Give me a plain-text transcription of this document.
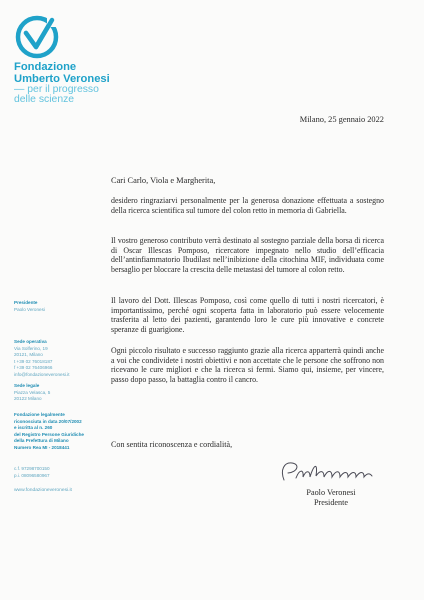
Fondazione
Umberto Veronesi
— per il progresso
delle scienze
Presidente
Paolo Veronesi
Sede operativa
Via Solferino, 19
20121, Milano
t +39 02 76018187
f +39 02 76406966
info@fondazioneveronesi.it
Sede legale
Piazza Velasca, 5
20122 Milano
Fondazione legalmente
riconosciuta in data 20/07/2002
e iscritta al n. 260
del Registro Persone Giuridiche
della Prefettura di Milano
Numero Rea MI - 2018441
c.f. 97298700150
p.i. 08096580967
www.fondazioneveronesi.it
Milano, 25 gennaio 2022
Cari Carlo, Viola e Margherita,

desidero ringraziarvi personalmente per la generosa donazione effettuata a sostegno della ricerca scientifica sul tumore del colon retto in memoria di Gabriella.

Il vostro generoso contributo verrà destinato al sostegno parziale della borsa di ricerca di Oscar Illescas Pomposo, ricercatore impegnato nello studio dell’efficacia dell’antinfiammatorio Ibudilast nell’inibizione della citochina MIF, individuata come bersaglio per bloccare la crescita delle metastasi del tumore al colon retto.

Il lavoro del Dott. Illescas Pomposo, così come quello di tutti i nostri ricercatori, è importantissimo, perché ogni scoperta fatta in laboratorio può essere velocemente trasferita al letto dei pazienti, garantendo loro le cure più innovative e concrete speranze di guarigione.

Ogni piccolo risultato e successo raggiunto grazie alla ricerca apparterrà quindi anche a voi che condividete i nostri obiettivi e non accettate che le persone che soffrono non ricevano le cure migliori e che la ricerca si fermi. Siamo qui, insieme, per vincere, passo dopo passo, la battaglia contro il cancro.

Con sentita riconoscenza e cordialità,
Paolo Veronesi
Presidente
